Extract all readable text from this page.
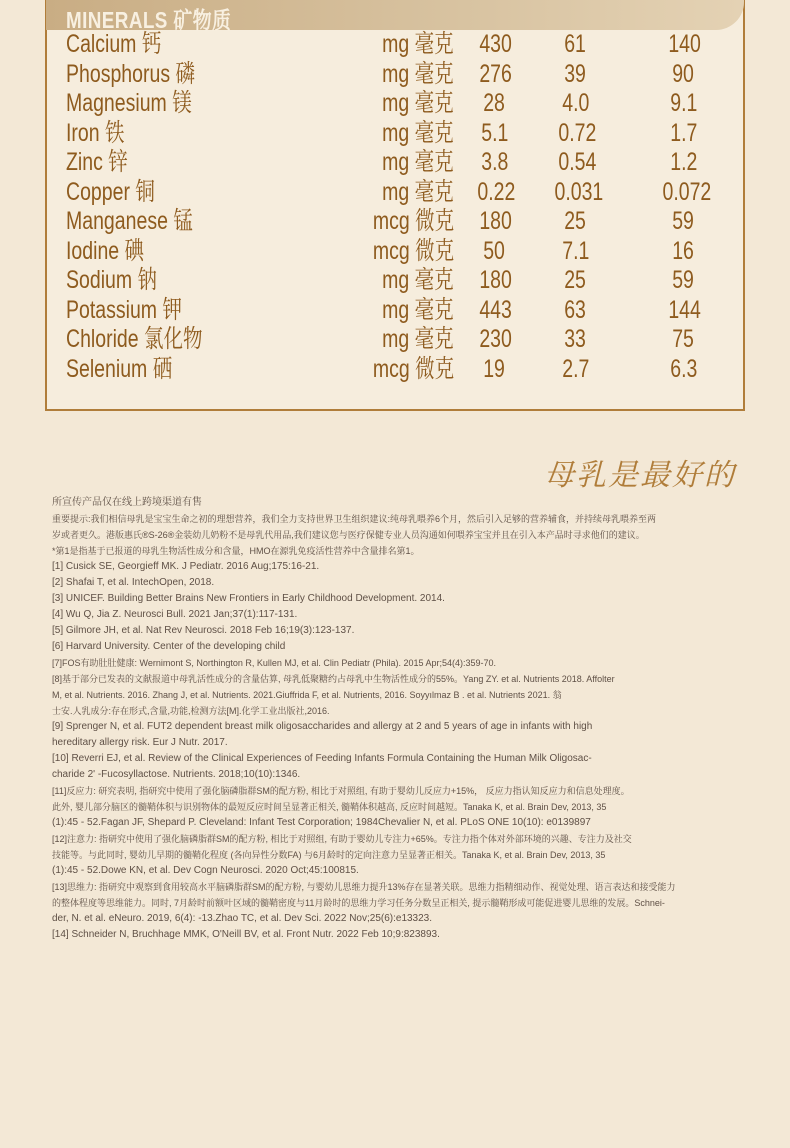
MINERALS 矿物质
Calcium 钙	mg 毫克 430	61	140
Phosphorus 磷	mg 毫克 276	39	90
Magnesium 镁	mg 毫克 28	4.0	9.1
Iron 铁	mg 毫克 5.1	0.72	1.7
Zinc 锌	mg 毫克 3.8	0.54	1.2
Copper 铜	mg 毫克 0.22	0.031	0.072
Manganese 锰	mcg 微克 180	25	59
Iodine 碘	mcg 微克 50	7.1	16
Sodium 钠	mg 毫克 180	25	59
Potassium 钾	mg 毫克 443	63	144
Chloride 氯化物	mg 毫克 230	33	75
Selenium 硒	mcg 微克 19	2.7	6.3
母乳是最好的
所宣传产品仅在线上跨境渠道有售
重要提示:我们相信母乳是宝宝生命之初的理想营养，我们全力支持世界卫生组织建议:纯母乳喂养6个月，然后引入足够的营养辅食，并持续母乳喂养至两
岁或者更久。港版惠氏®S-26®金装幼儿奶粉不是母乳代用品,我们建议您与医疗保健专业人员沟通如何喂养宝宝并且在引入本产品时寻求他们的建议。
*第1是指基于已报道的母乳生物活性成分和含量，HMO在源乳免疫活性营养中含量排名第1。
[1] Cusick SE, Georgieff MK. J Pediatr. 2016 Aug;175:16-21.
[2] Shafai T, et al. IntechOpen, 2018.
[3] UNICEF. Building Better Brains New Frontiers in Early Childhood Development. 2014.
[4] Wu Q, Jia Z. Neurosci Bull. 2021 Jan;37(1):117-131.
[5] Gilmore JH, et al. Nat Rev Neurosci. 2018 Feb 16;19(3):123-137.
[6] Harvard University. Center of the developing child
[7]FOS有助肚肚健康: Wernimont S, Northington R, Kullen MJ, et al. Clin Pediatr (Phila). 2015 Apr;54(4):359-70.
[8]基于部分已发表的文献报道中母乳活性成分的含量估算, 母乳低聚糖约占母乳中生物活性成分的55%。Yang ZY. et al. Nutrients 2018. Affolter
M, et al. Nutrients. 2016. Zhang J, et al. Nutrients. 2021.Giuffrida F, et al. Nutrients, 2016. Soyyılmaz B . et al. Nutrients 2021. 翁
士安.人乳成分:存在形式,含量,功能,检测方法[M].化学工业出版社,2016.
[9] Sprenger N, et al. FUT2 dependent breast milk oligosaccharides and allergy at 2 and 5 years of age in infants with high
hereditary allergy risk. Eur J Nutr. 2017.
[10] Reverri EJ, et al. Review of the Clinical Experiences of Feeding Infants Formula Containing the Human Milk Oligosac-
charide 2' -Fucosyllactose. Nutrients. 2018;10(10):1346.
[11]反应力: 研究表明, 指研究中使用了强化脑磷脂群SM的配方粉, 相比于对照组, 有助于婴幼儿反应力+15%， 反应力指认知反应力和信息处理度。
此外, 婴儿部分脑区的髓鞘体积与识别物体的最短反应时间呈显著正相关, 髓鞘体积越高, 反应时间越短。Tanaka K, et al. Brain Dev, 2013, 35
(1):45 - 52.Fagan JF, Shepard P. Cleveland: Infant Test Corporation; 1984Chevalier N, et al. PLoS ONE 10(10): e0139897
[12]注意力: 指研究中使用了强化脑磷脂群SM的配方粉, 相比于对照组, 有助于婴幼儿专注力+65%。专注力指个体对外部环境的兴趣、专注力及社交
技能等。与此同时, 婴幼儿早期的髓鞘化程度 (各向异性分数FA) 与6月龄时的定向注意力呈显著正相关。Tanaka K, et al. Brain Dev, 2013, 35
(1):45 - 52.Dowe KN, et al. Dev Cogn Neurosci. 2020 Oct;45:100815.
[13]思维力: 指研究中观察到食用较高水平脑磷脂群SM的配方粉, 与婴幼儿思维力提升13%存在显著关联。思维力指精细动作、视觉处理、语言表达和接受能力
的整体程度等思维能力。同时, 7月龄时前额叶区域的髓鞘密度与11月龄时的思维力学习任务分数呈正相关, 提示髓鞘形成可能促进婴儿思维的发展。Schnei-
der, N. et al. eNeuro. 2019, 6(4): -13.Zhao TC, et al. Dev Sci. 2022 Nov;25(6):e13323.
[14] Schneider N, Bruchhage MMK, O'Neill BV, et al. Front Nutr. 2022 Feb 10;9:823893.
